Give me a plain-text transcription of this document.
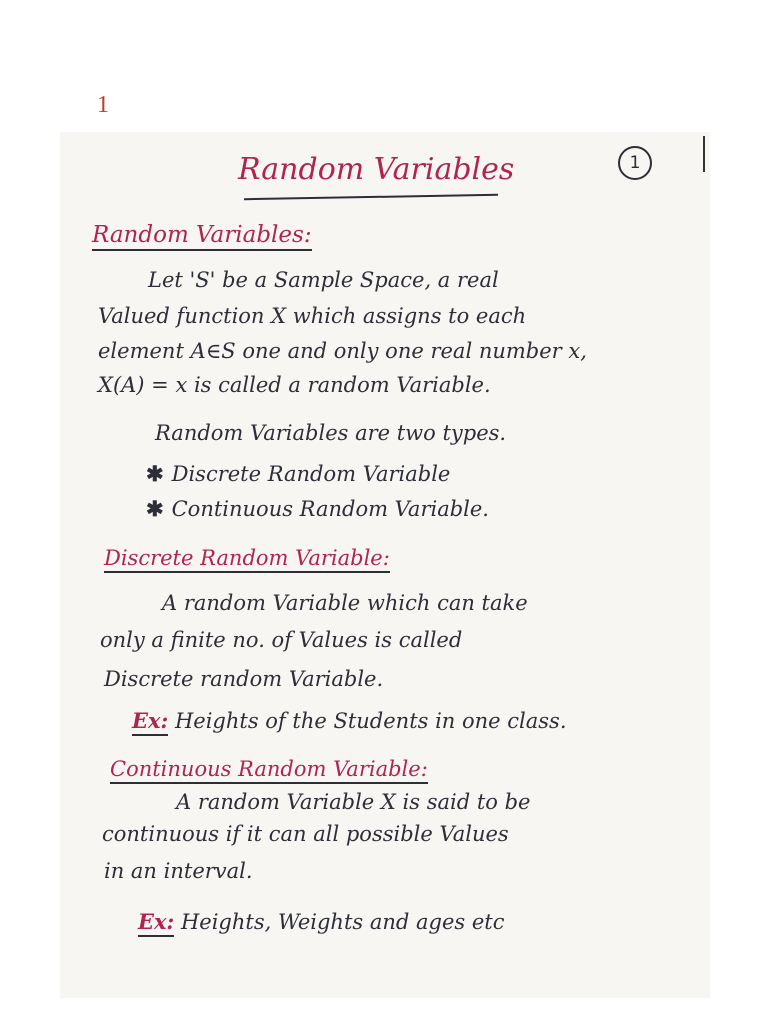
1
1
Random Variables
Random Variables:
Let 'S' be a Sample Space, a real
Valued function X which assigns to each
element A∈S one and only one real number x,
X(A) = x is called a random Variable.
Random Variables are two types.
✱ Discrete Random Variable
✱ Continuous Random Variable.
Discrete Random Variable:
A random Variable which can take
only a finite no. of Values is called
Discrete random Variable.
Ex: Heights of the Students in one class.
Continuous Random Variable:
A random Variable X is said to be
continuous if it can all possible Values
in an interval.
Ex: Heights, Weights and ages etc
